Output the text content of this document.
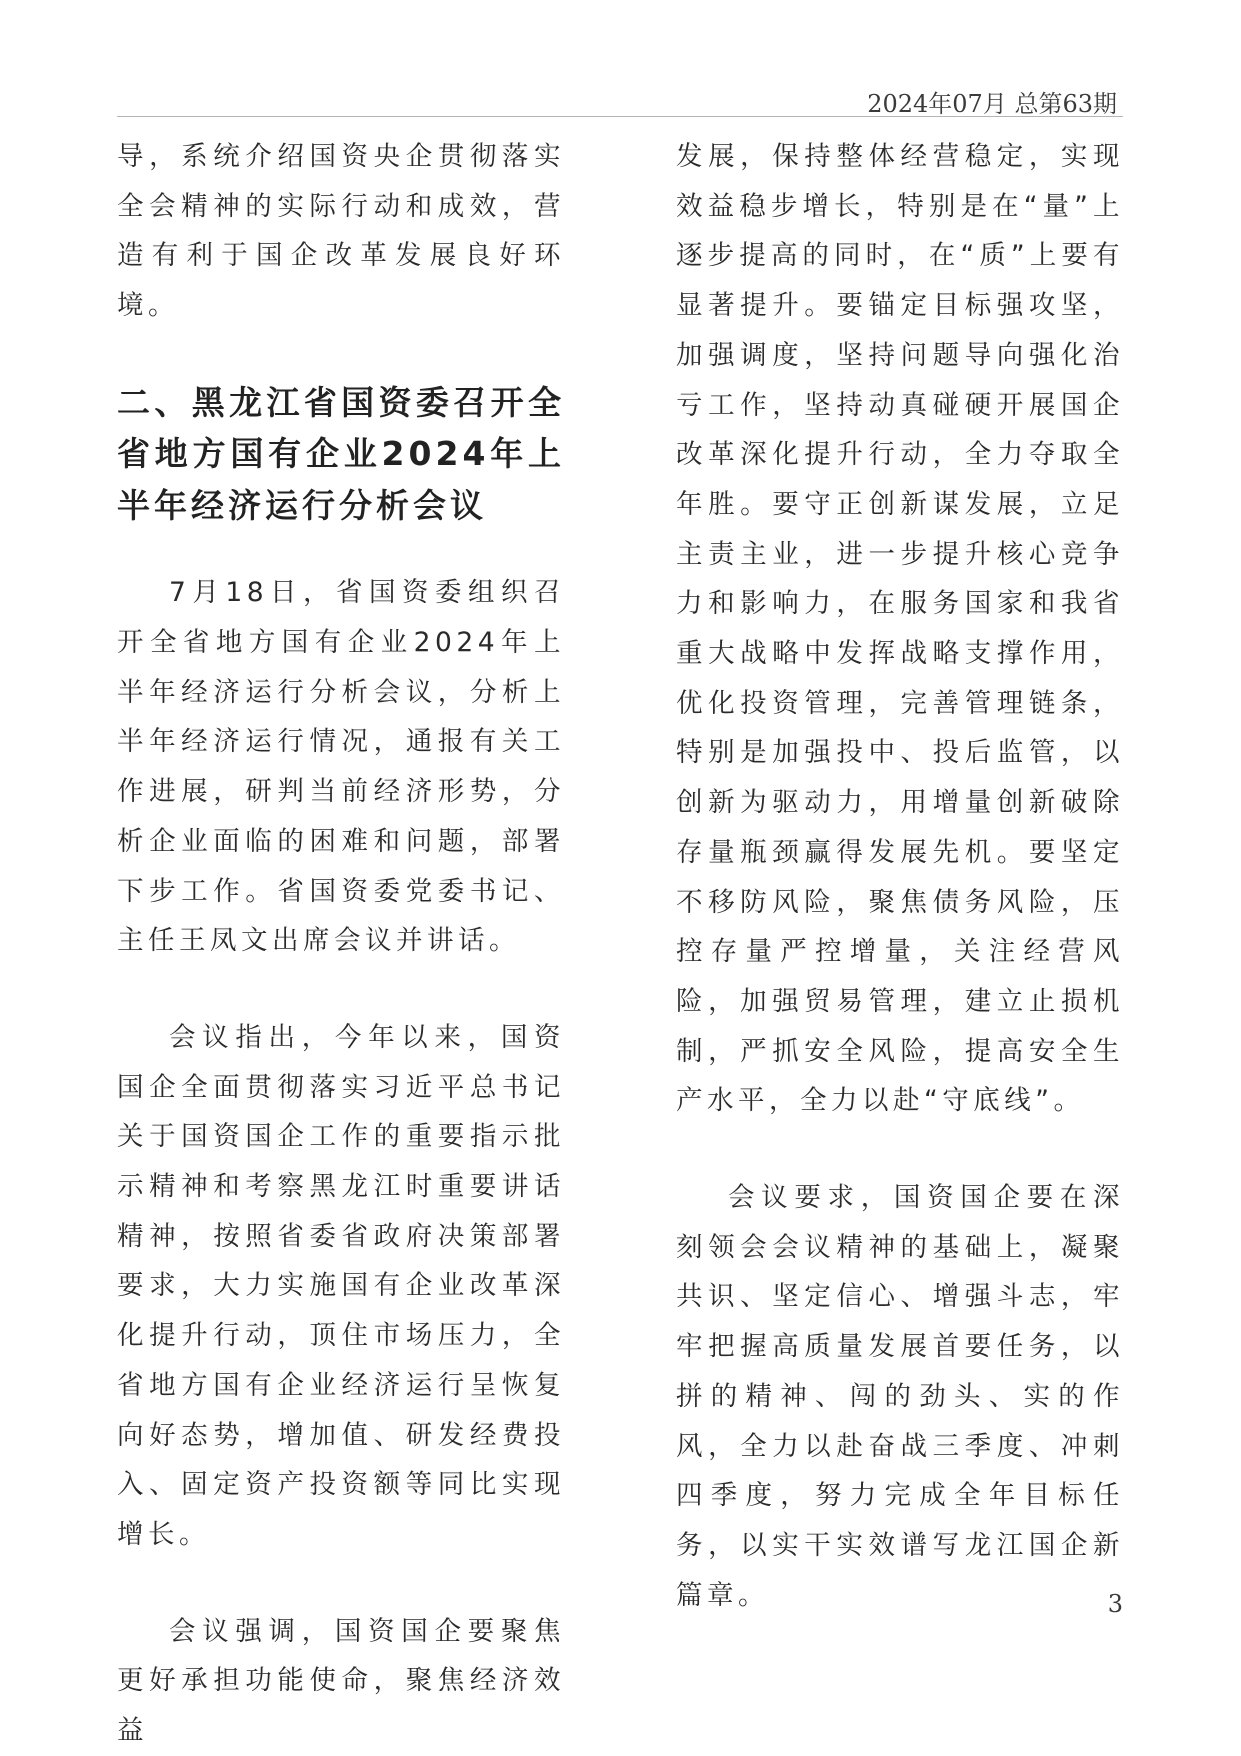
2024年07月 总第63期

导，系统介绍国资央企贯彻落实全会精神的实际行动和成效，营造有利于国企改革发展良好环境。

二、黑龙江省国资委召开全省地方国有企业2024年上半年经济运行分析会议

7月18日，省国资委组织召开全省地方国有企业2024年上半年经济运行分析会议，分析上半年经济运行情况，通报有关工作进展，研判当前经济形势，分析企业面临的困难和问题，部署下步工作。省国资委党委书记、主任王凤文出席会议并讲话。

会议指出，今年以来，国资国企全面贯彻落实习近平总书记关于国资国企工作的重要指示批示精神和考察黑龙江时重要讲话精神，按照省委省政府决策部署要求，大力实施国有企业改革深化提升行动，顶住市场压力，全省地方国有企业经济运行呈恢复向好态势，增加值、研发经费投入、固定资产投资额等同比实现增长。

会议强调，国资国企要聚焦更好承担功能使命，聚焦经济效益

发展，保持整体经营稳定，实现效益稳步增长，特别是在“量”上逐步提高的同时，在“质”上要有显著提升。要锚定目标强攻坚，加强调度，坚持问题导向强化治亏工作，坚持动真碰硬开展国企改革深化提升行动，全力夺取全年胜。要守正创新谋发展，立足主责主业，进一步提升核心竞争力和影响力，在服务国家和我省重大战略中发挥战略支撑作用，优化投资管理，完善管理链条，特别是加强投中、投后监管，以创新为驱动力，用增量创新破除存量瓶颈赢得发展先机。要坚定不移防风险，聚焦债务风险，压控存量严控增量，关注经营风险，加强贸易管理，建立止损机制，严抓安全风险，提高安全生产水平，全力以赴“守底线”。

会议要求，国资国企要在深刻领会会议精神的基础上，凝聚共识、坚定信心、增强斗志，牢牢把握高质量发展首要任务，以拼的精神、闯的劲头、实的作风，全力以赴奋战三季度、冲刺四季度，努力完成全年目标任务，以实干实效谱写龙江国企新篇章。	3
